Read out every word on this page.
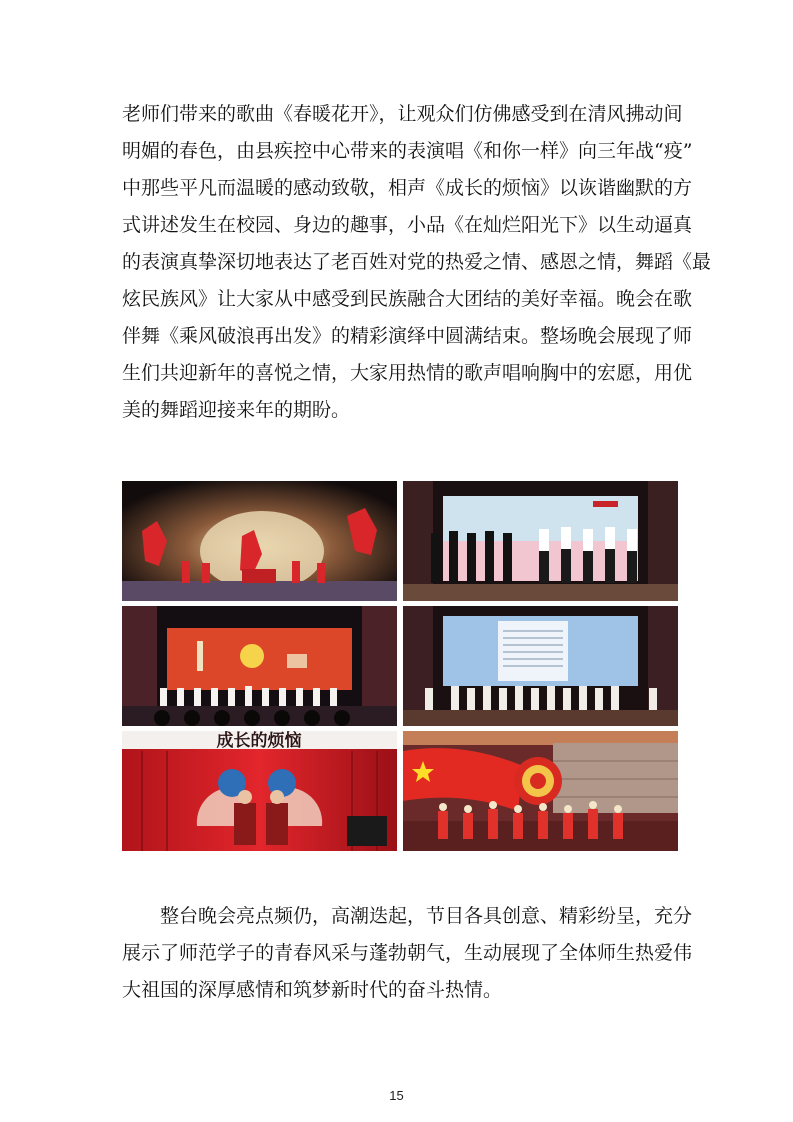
老师们带来的歌曲《春暖花开》，让观众们仿佛感受到在清风拂动间
明媚的春色，由县疾控中心带来的表演唱《和你一样》向三年战“疫”
中那些平凡而温暖的感动致敬，相声《成长的烦恼》以诙谐幽默的方
式讲述发生在校园、身边的趣事，小品《在灿烂阳光下》以生动逼真
的表演真挚深切地表达了老百姓对党的热爱之情、感恩之情，舞蹈《最
炫民族风》让大家从中感受到民族融合大团结的美好幸福。晚会在歌
伴舞《乘风破浪再出发》的精彩演绎中圆满结束。整场晚会展现了师
生们共迎新年的喜悦之情，大家用热情的歌声唱响胸中的宏愿，用优
美的舞蹈迎接来年的期盼。
成长的烦恼
整台晚会亮点频仍，高潮迭起，节目各具创意、精彩纷呈，充分
展示了师范学子的青春风采与蓬勃朝气，生动展现了全体师生热爱伟
大祖国的深厚感情和筑梦新时代的奋斗热情。
15
